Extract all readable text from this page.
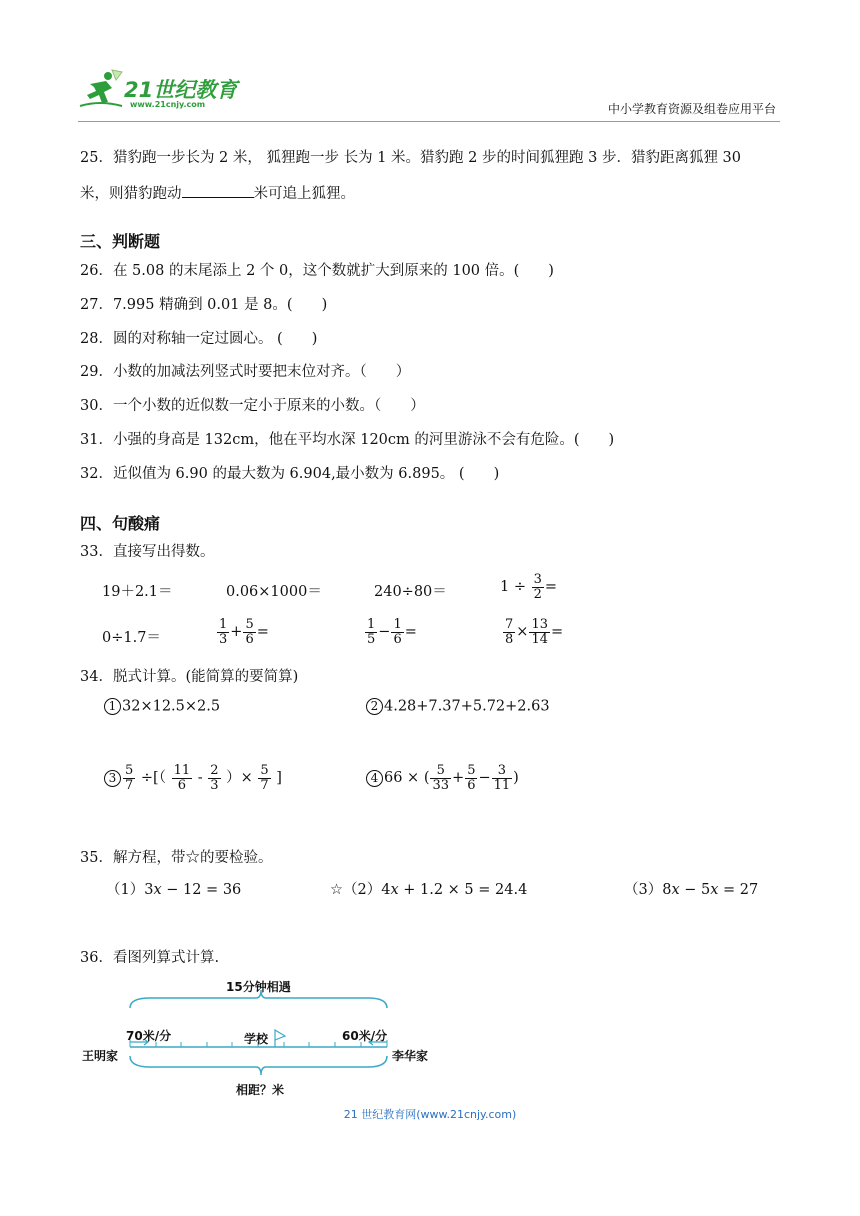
21世纪教育
www.21cnjy.com	中小学教育资源及组卷应用平台
25．猎豹跑一步长为 2 米， 狐狸跑一步 长为 1 米。猎豹跑 2 步的时间狐狸跑 3 步．猎豹距离狐狸 30
米，则猎豹跑动	米可追上狐狸。
三、判断题
26．在 5.08 的末尾添上 2 个 0，这个数就扩大到原来的 100 倍。(　　)
27．7.995 精确到 0.01 是 8。(　　)
28．圆的对称轴一定过圆心。 (　　)
29．小数的加减法列竖式时要把末位对齐。（　　）
30．一个小数的近似数一定小于原来的小数。（　　）
31．小强的身高是 132cm，他在平均水深 120cm 的河里游泳不会有危险。(　　)
32．近似值为 6.90 的最大数为 6.904,最小数为 6.895。 (　　)
四、句酸痛
33．直接写出得数。
19＋2.1＝	0.06×1000＝	240÷80＝	$1 \div \frac{3}{2}$ =
0÷1.7＝	$\frac{1}{3} + \frac{5}{6}$ =	$\frac{1}{5} - \frac{1}{6}$ =	$\frac{7}{8} \times \frac{13}{14}$ =
34．脱式计算。(能简算的要简算)
1 32×12.5×2.5	2 4.28+7.37+5.72+2.63
$3 \frac{5}{7}$ ÷[（ $\frac{11}{6} - \frac{2}{3}$ ）× $\frac{5}{7}$ ]	4 66 × ( $\frac{5}{33} + \frac{5}{6} - \frac{3}{11}$ )
35．解方程，带☆的要检验。
（1）3𝑥 − 12 = 36	☆（2）4𝑥 + 1.2 × 5 = 24.4	（3）8𝑥 − 5𝑥 = 27
36．看图列算式计算.
15分钟相遇
70米/分	学校	60米/分
王明家	李华家
相距？米
21 世纪教育网(www.21cnjy.com)
